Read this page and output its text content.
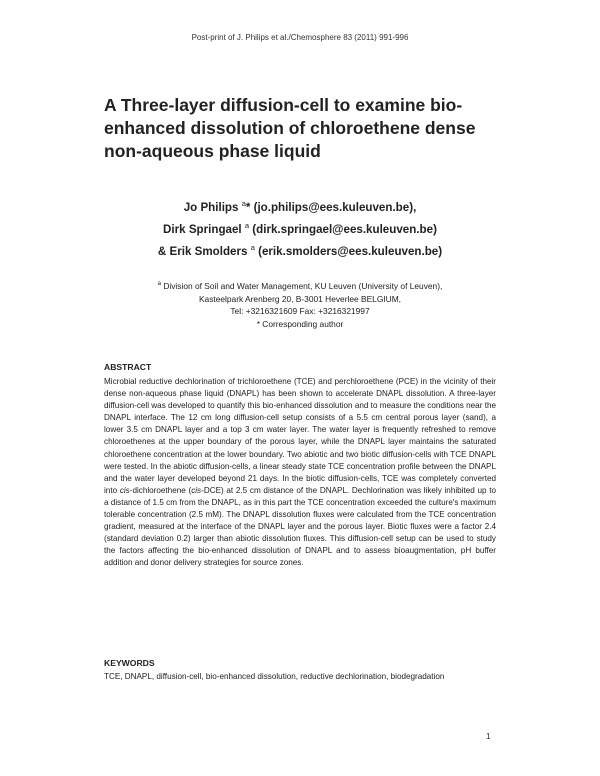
Post-print of J. Philips et al./Chemosphere 83 (2011) 991-996
A Three-layer diffusion-cell to examine bio-
enhanced dissolution of chloroethene dense
non-aqueous phase liquid
Jo Philips $^a$* (jo.philips@ees.kuleuven.be),
Dirk Springael $^a$ (dirk.springael@ees.kuleuven.be)
& Erik Smolders $^a$ (erik.smolders@ees.kuleuven.be)
$^a$ Division of Soil and Water Management, KU Leuven (University of Leuven),
Kasteelpark Arenberg 20, B-3001 Heverlee BELGIUM,
Tel: +3216321609 Fax: +3216321997
* Corresponding author
ABSTRACT
Microbial reductive dechlorination of trichloroethene (TCE) and perchloroethene (PCE) in the vicinity of their dense non-aqueous phase liquid (DNAPL) has been shown to accelerate DNAPL dissolution. A three-layer diffusion-cell was developed to quantify this bio-enhanced dissolution and to measure the conditions near the DNAPL interface. The 12 cm long diffusion-cell setup consists of a 5.5 cm central porous layer (sand), a lower 3.5 cm DNAPL layer and a top 3 cm water layer. The water layer is frequently refreshed to remove chloroethenes at the upper boundary of the porous layer, while the DNAPL layer maintains the saturated chloroethene concentration at the lower boundary. Two abiotic and two biotic diffusion-cells with TCE DNAPL were tested. In the abiotic diffusion-cells, a linear steady state TCE concentration profile between the DNAPL and the water layer developed beyond 21 days. In the biotic diffusion-cells, TCE was completely converted into cis-dichloroethene (cis-DCE) at 2.5 cm distance of the DNAPL. Dechlorination was likely inhibited up to a distance of 1.5 cm from the DNAPL, as in this part the TCE concentration exceeded the culture's maximum tolerable concentration (2.5 mM). The DNAPL dissolution fluxes were calculated from the TCE concentration gradient, measured at the interface of the DNAPL layer and the porous layer. Biotic fluxes were a factor 2.4 (standard deviation 0.2) larger than abiotic dissolution fluxes. This diffusion-cell setup can be used to study the factors affecting the bio-enhanced dissolution of DNAPL and to assess bioaugmentation, pH buffer addition and donor delivery strategies for source zones.
KEYWORDS
TCE, DNAPL, diffusion-cell, bio-enhanced dissolution, reductive dechlorination, biodegradation
1
